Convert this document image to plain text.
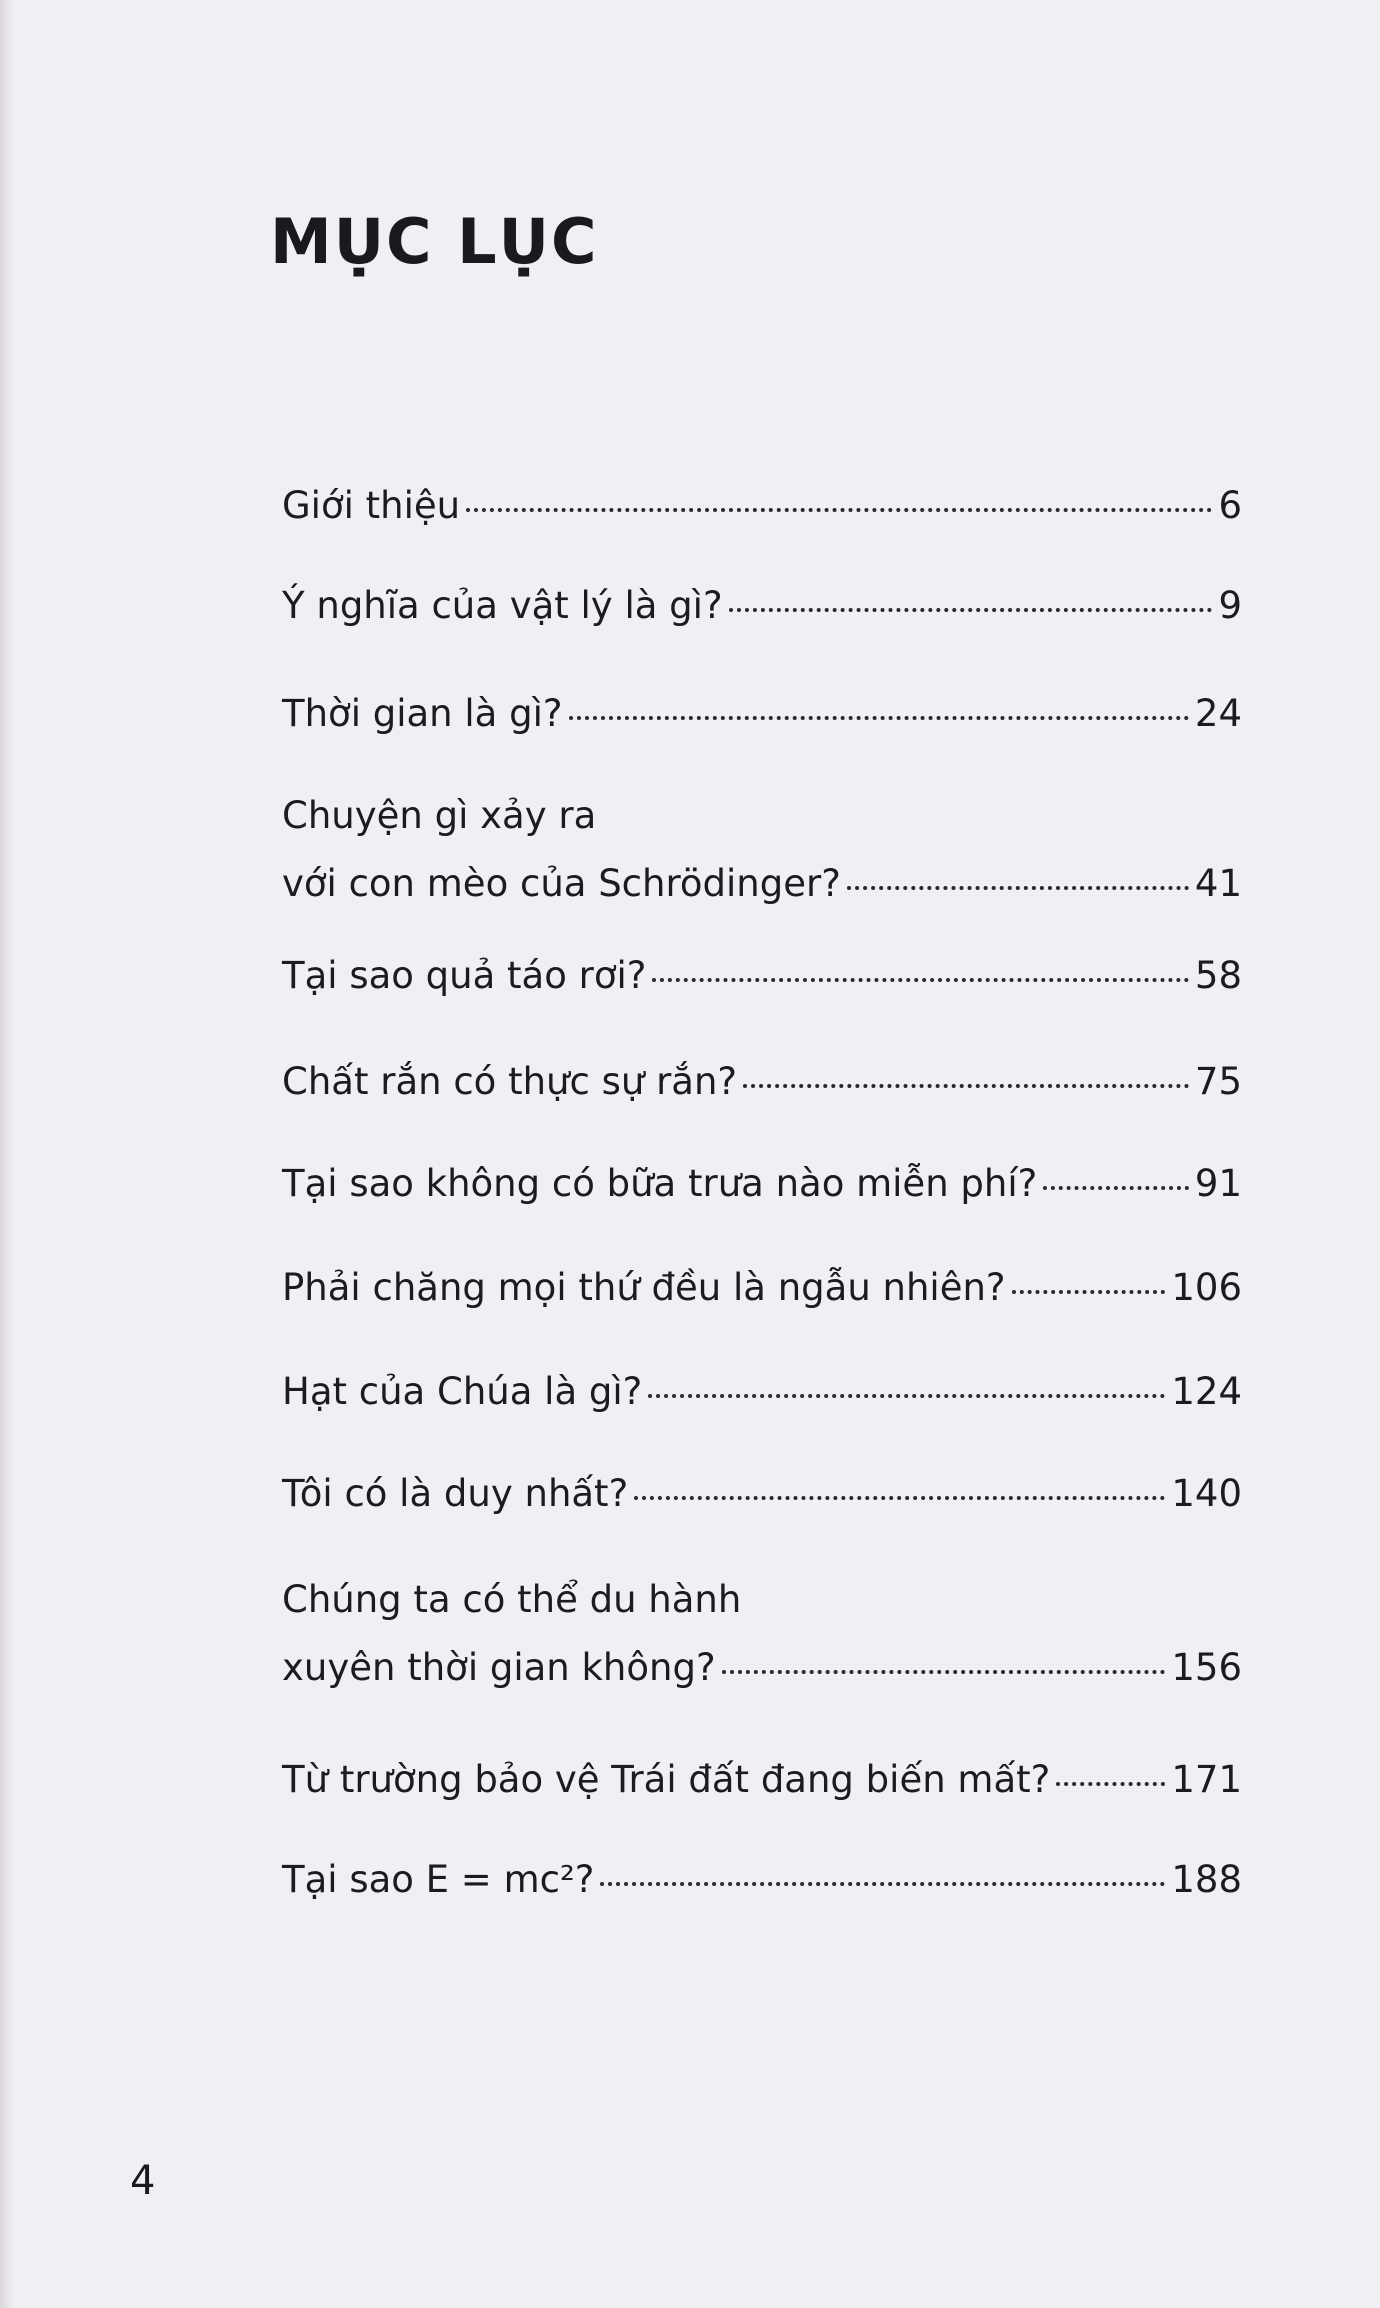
MỤC LỤC
Giới thiệu	6
Ý nghĩa của vật lý là gì?	9
Thời gian là gì?	24
Chuyện gì xảy ra
với con mèo của Schrödinger?	41
Tại sao quả táo rơi?	58
Chất rắn có thực sự rắn?	75
Tại sao không có bữa trưa nào miễn phí?	91
Phải chăng mọi thứ đều là ngẫu nhiên?	106
Hạt của Chúa là gì?	124
Tôi có là duy nhất?	140
Chúng ta có thể du hành
xuyên thời gian không?	156
Từ trường bảo vệ Trái đất đang biến mất?	171
Tại sao E = mc²?	188
4
